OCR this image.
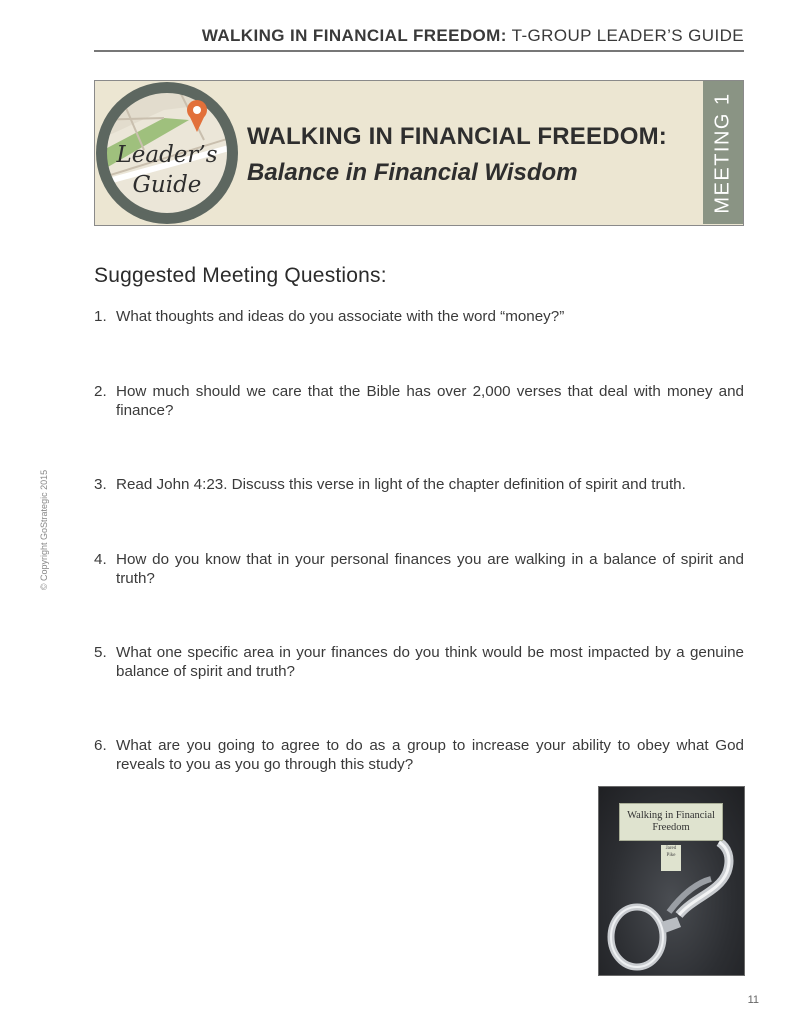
WALKING IN FINANCIAL FREEDOM: T-GROUP LEADER’S GUIDE
WALKING IN FINANCIAL FREEDOM:
Balance in Financial Wisdom	MEETING 1
Leader’s
Guide
Suggested Meeting Questions:
1. What thoughts and ideas do you associate with the word “money?”
2. How much should we care that the Bible has over 2,000 verses that deal with money and finance?
3. Read John 4:23. Discuss this verse in light of the chapter definition of spirit and truth.
4. How do you know that in your personal finances you are walking in a balance of spirit and truth?
5. What one specific area in your finances do you think would be most impacted by a genuine balance of spirit and truth?
6. What are you going to agree to do as a group to increase your ability to obey what God reveals to you as you go through this study?
© Copyright GoStrategic 2015
Walking in Financial
Freedom
Jared Pike
11
